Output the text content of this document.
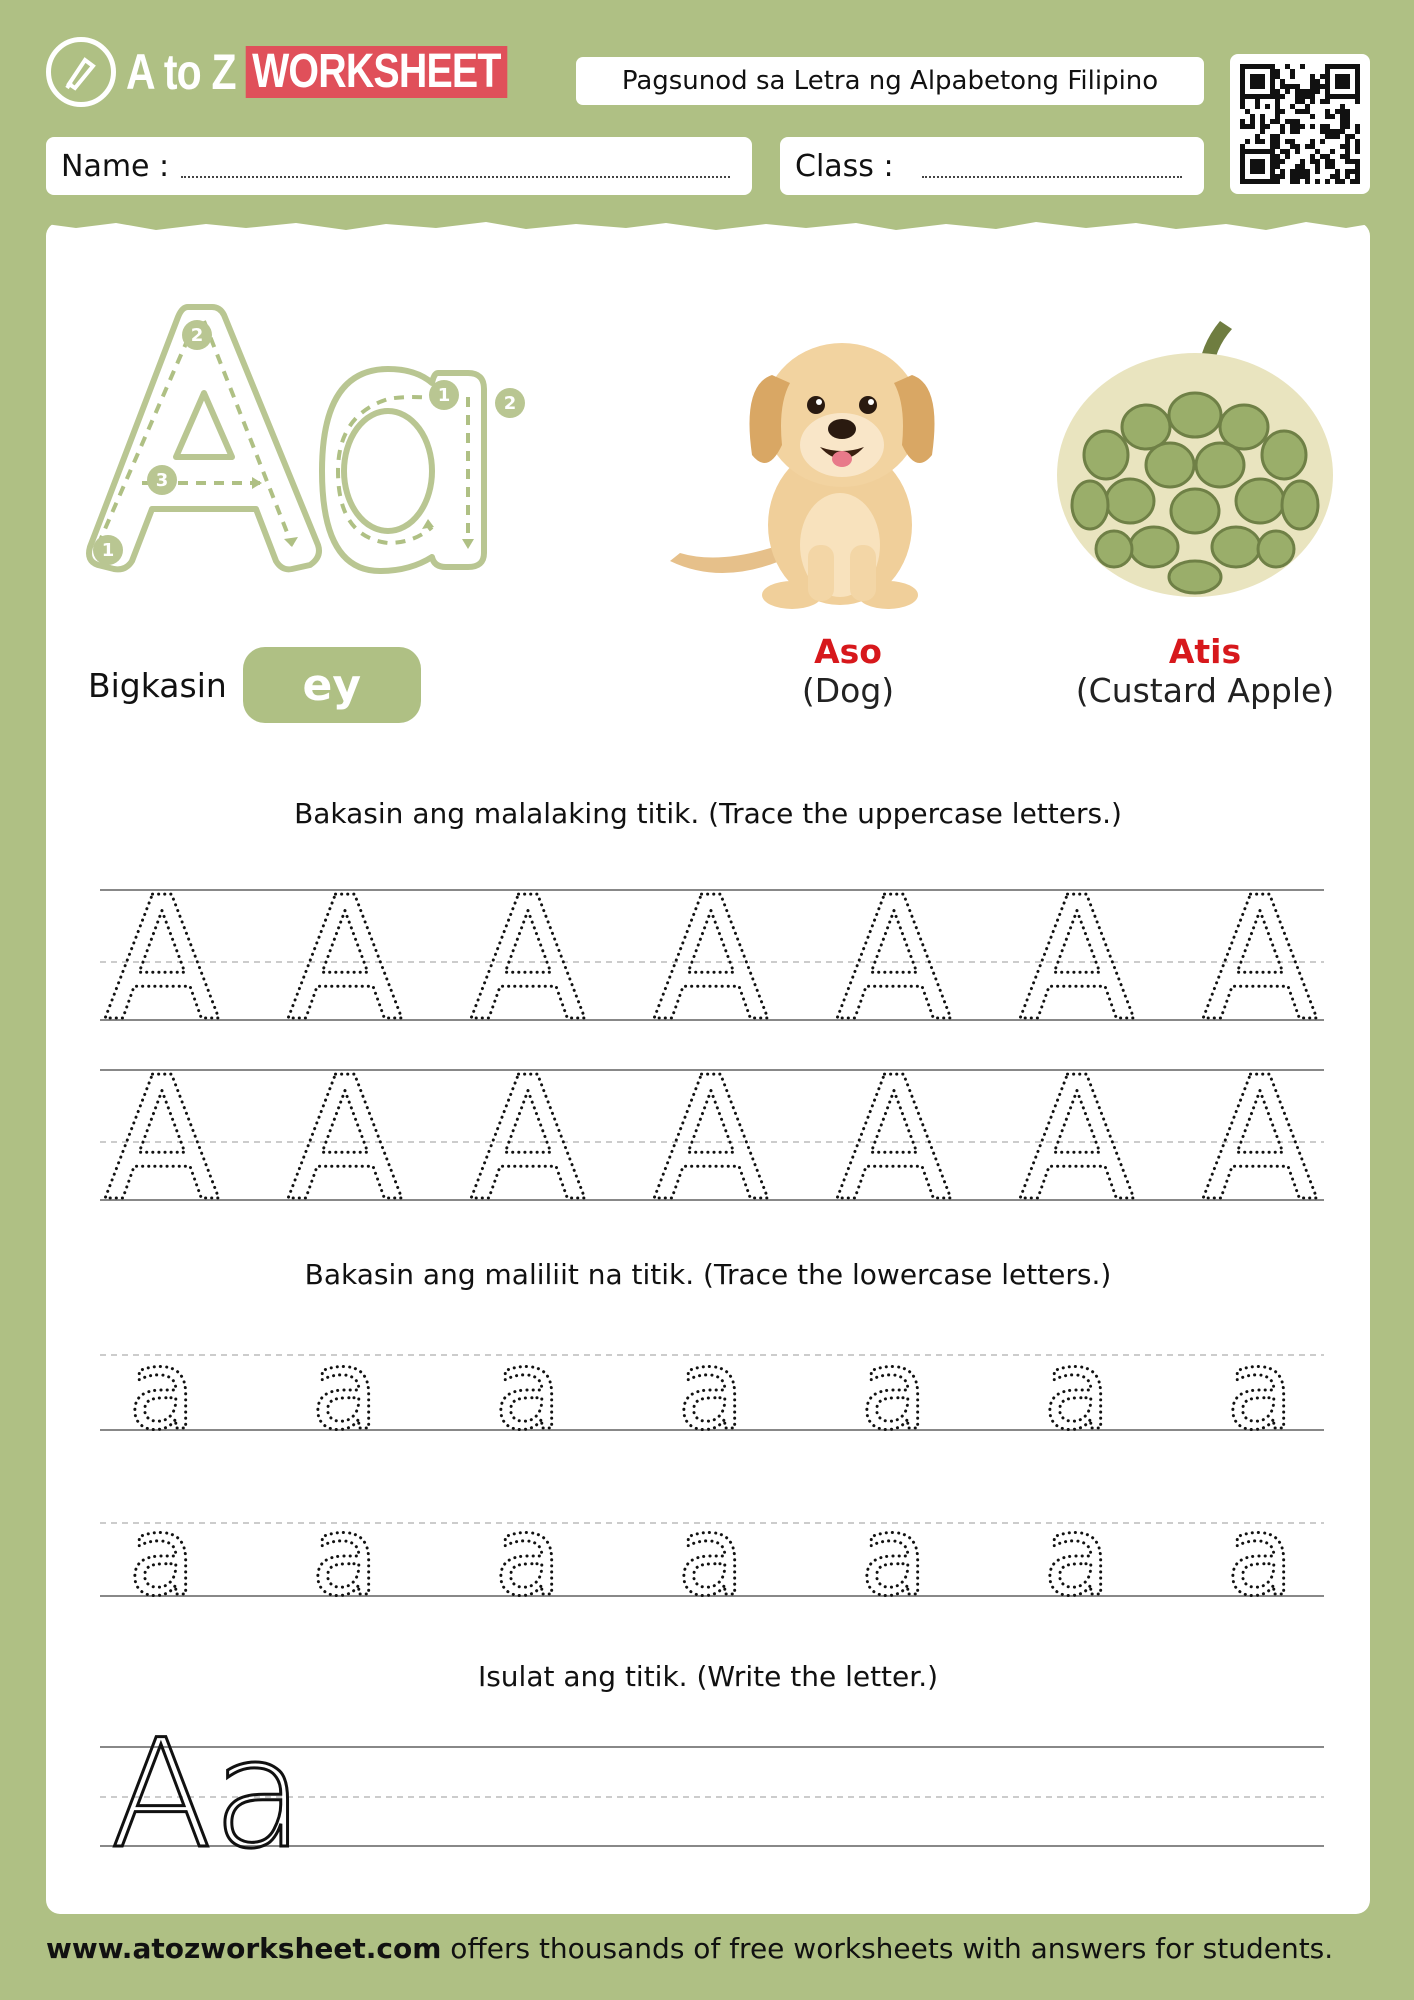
A to Z WORKSHEET	Pagsunod sa Letra ng Alpabetong Filipino
Name :	Class :
1
2
3
1	2
Aso
(Dog)
Atis
(Custard Apple)
Bigkasin ey
Bakasin ang malalaking titik. (Trace the uppercase letters.)
Bakasin ang maliliit na titik. (Trace the lowercase letters.)
Isulat ang titik. (Write the letter.)
A A A A A A A
A A A A A A A
a a a a a a a
a a a a a a a
Aa
www.atozworksheet.com offers thousands of free worksheets with answers for students.
